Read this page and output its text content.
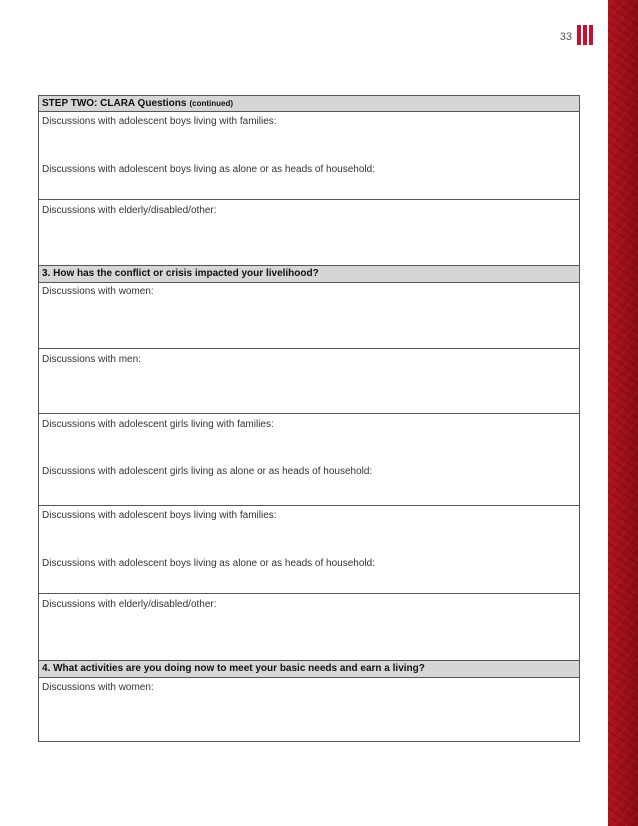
33
STEP TWO: CLARA Questions (continued)
Discussions with adolescent boys living with families:
Discussions with adolescent boys living as alone or as heads of household:
Discussions with elderly/disabled/other:
3. How has the conflict or crisis impacted your livelihood?
Discussions with women:
Discussions with men:
Discussions with adolescent girls living with families:
Discussions with adolescent girls living as alone or as heads of household:
Discussions with adolescent boys living with families:
Discussions with adolescent boys living as alone or as heads of household:
Discussions with elderly/disabled/other:
4. What activities are you doing now to meet your basic needs and earn a living?
Discussions with women:
